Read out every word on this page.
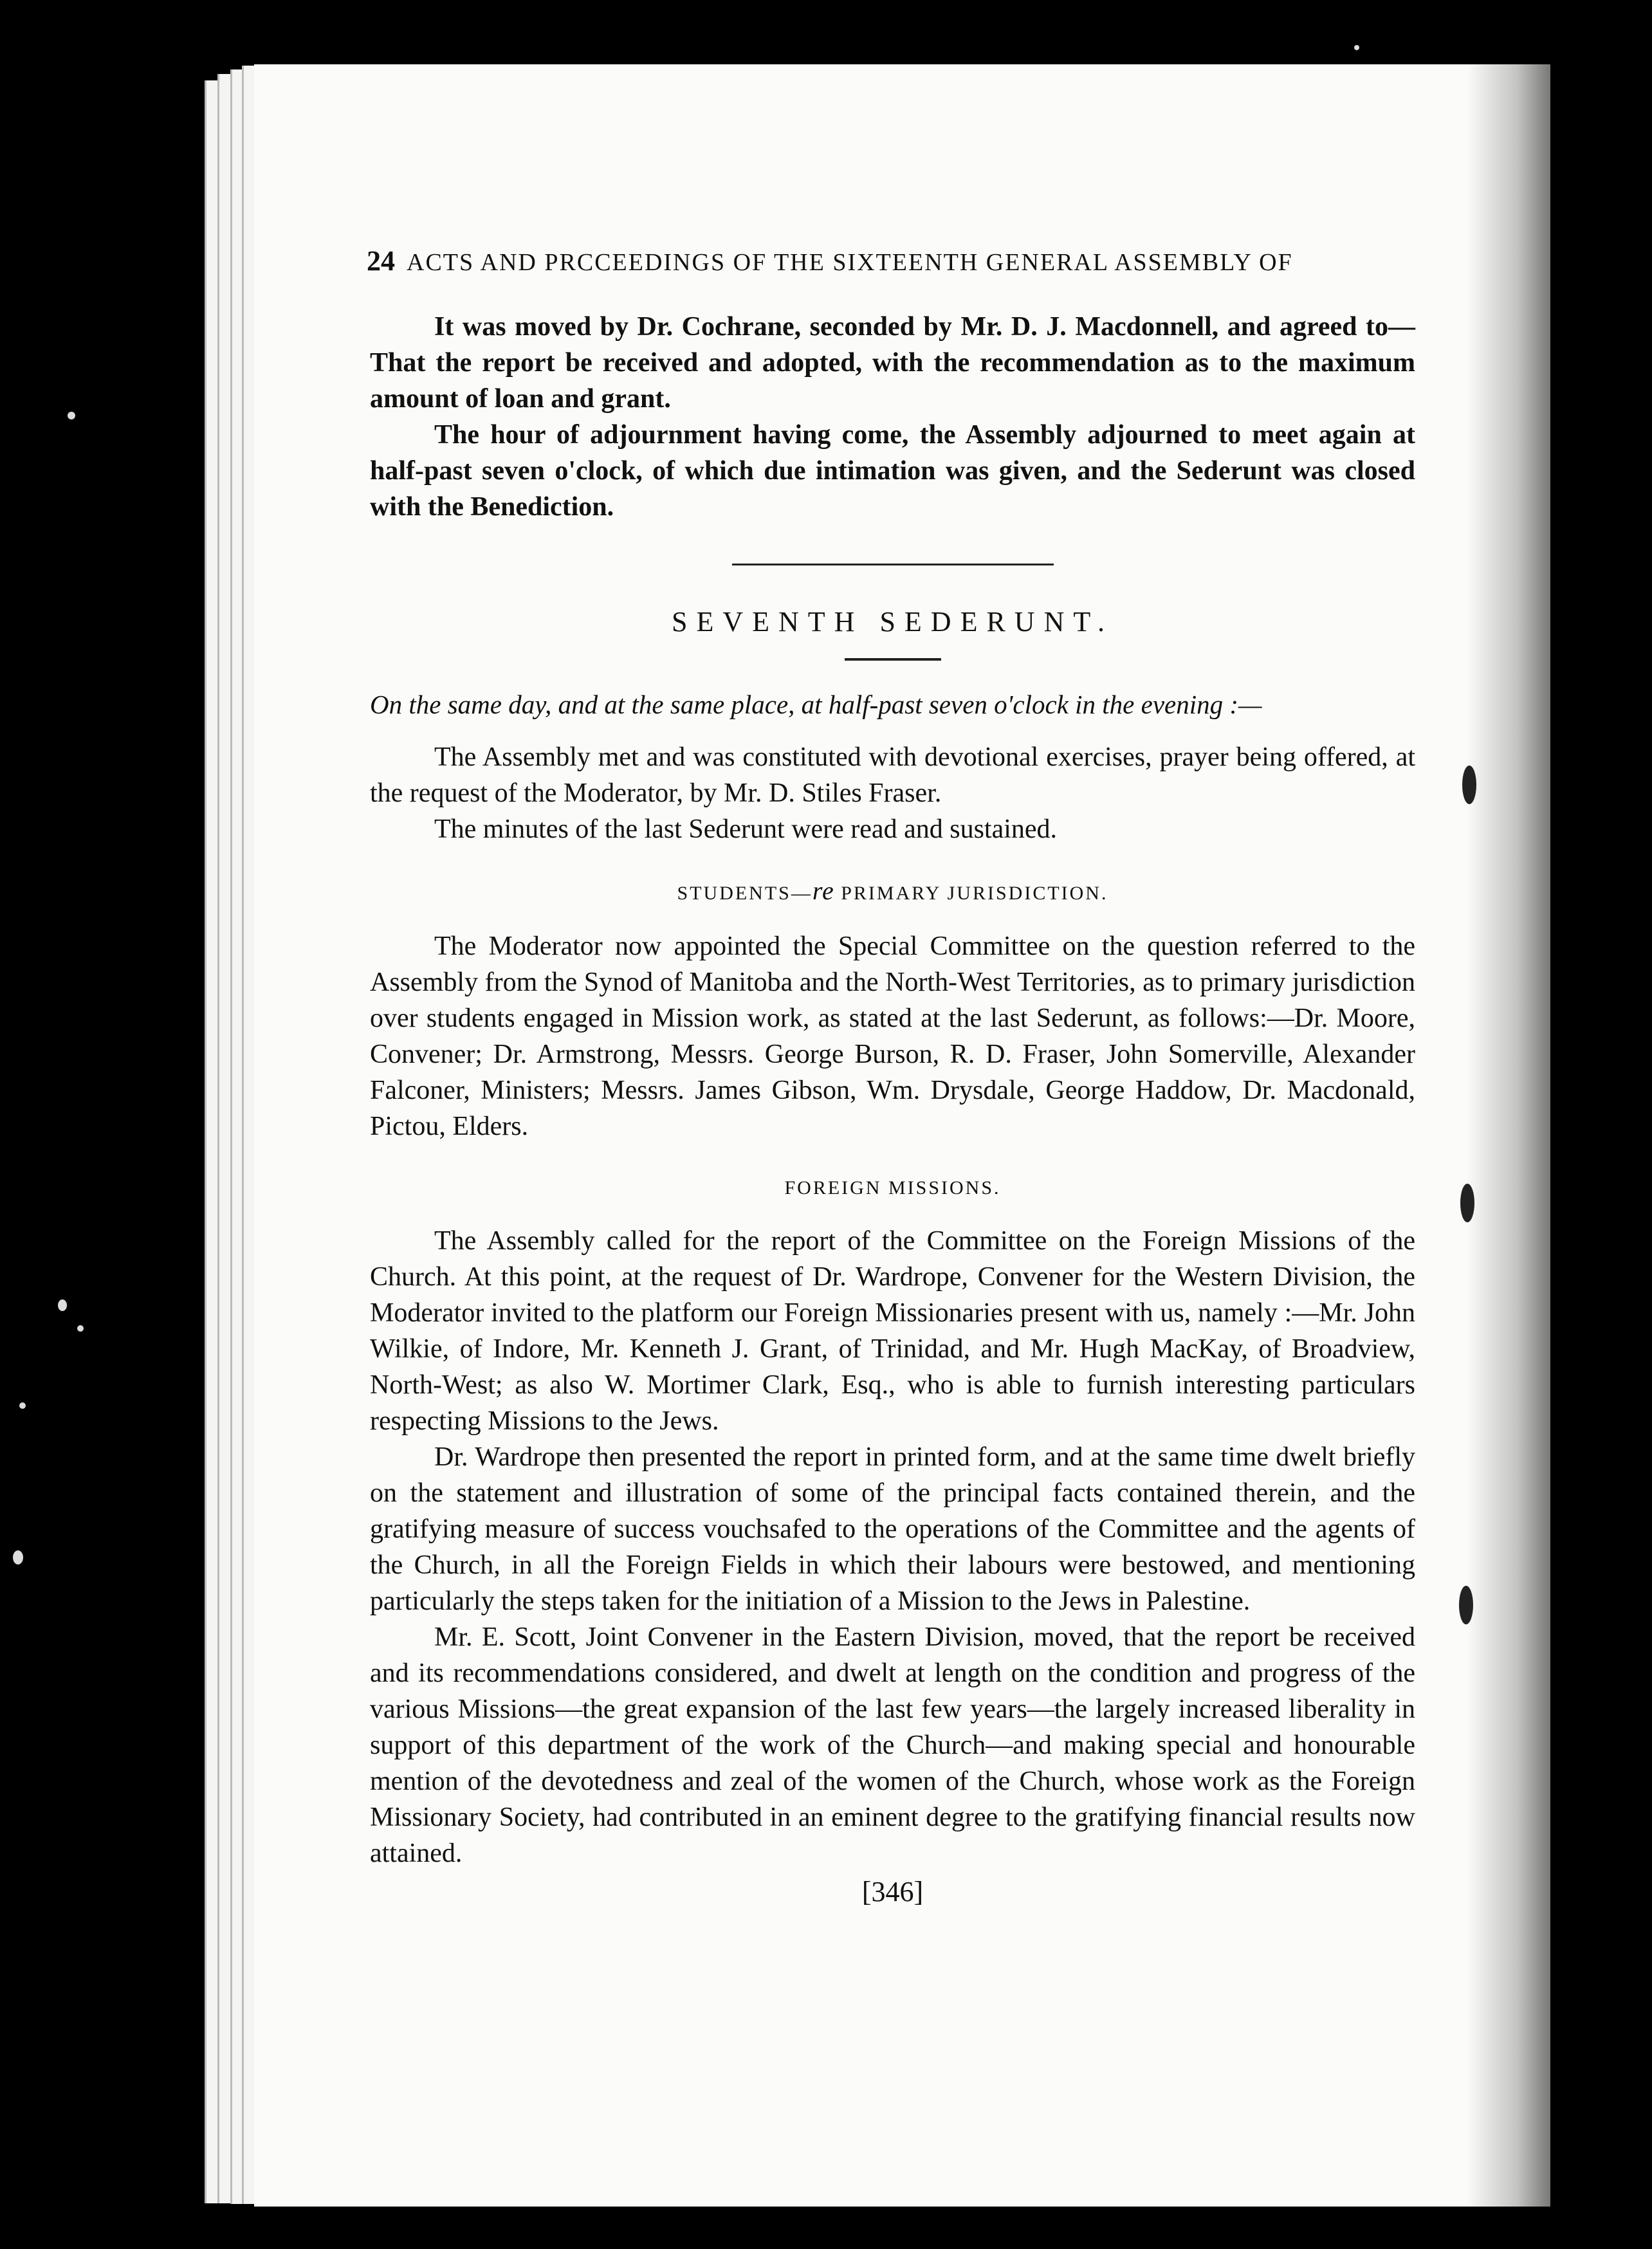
24 ACTS AND PRCCEEDINGS OF THE SIXTEENTH GENERAL ASSEMBLY OF

It was moved by Dr. Cochrane, seconded by Mr. D. J. Macdonnell, and agreed to—That the report be received and adopted, with the recommendation as to the maximum amount of loan and grant.

The hour of adjournment having come, the Assembly adjourned to meet again at half-past seven o'clock, of which due intimation was given, and the Sederunt was closed with the Benediction.

SEVENTH SEDERUNT.

On the same day, and at the same place, at half-past seven o'clock in the evening :—

The Assembly met and was constituted with devotional exercises, prayer being offered, at the request of the Moderator, by Mr. D. Stiles Fraser.

The minutes of the last Sederunt were read and sustained.

STUDENTS—re PRIMARY JURISDICTION.

The Moderator now appointed the Special Committee on the question referred to the Assembly from the Synod of Manitoba and the North-West Territories, as to primary jurisdiction over students engaged in Mission work, as stated at the last Sederunt, as follows:—Dr. Moore, Convener; Dr. Armstrong, Messrs. George Burson, R. D. Fraser, John Somerville, Alexander Falconer, Ministers; Messrs. James Gibson, Wm. Drysdale, George Haddow, Dr. Macdonald, Pictou, Elders.

FOREIGN MISSIONS.

The Assembly called for the report of the Committee on the Foreign Missions of the Church. At this point, at the request of Dr. Wardrope, Convener for the Western Division, the Moderator invited to the platform our Foreign Missionaries present with us, namely :—Mr. John Wilkie, of Indore, Mr. Kenneth J. Grant, of Trinidad, and Mr. Hugh MacKay, of Broadview, North-West; as also W. Mortimer Clark, Esq., who is able to furnish interesting particulars respecting Missions to the Jews.

Dr. Wardrope then presented the report in printed form, and at the same time dwelt briefly on the statement and illustration of some of the principal facts contained therein, and the gratifying measure of success vouchsafed to the operations of the Committee and the agents of the Church, in all the Foreign Fields in which their labours were bestowed, and mentioning particularly the steps taken for the initiation of a Mission to the Jews in Palestine.

Mr. E. Scott, Joint Convener in the Eastern Division, moved, that the report be received and its recommendations considered, and dwelt at length on the condition and progress of the various Missions—the great expansion of the last few years—the largely increased liberality in support of this department of the work of the Church—and making special and honourable mention of the devotedness and zeal of the women of the Church, whose work as the Foreign Missionary Society, had contributed in an eminent degree to the gratifying financial results now attained.

[346]
